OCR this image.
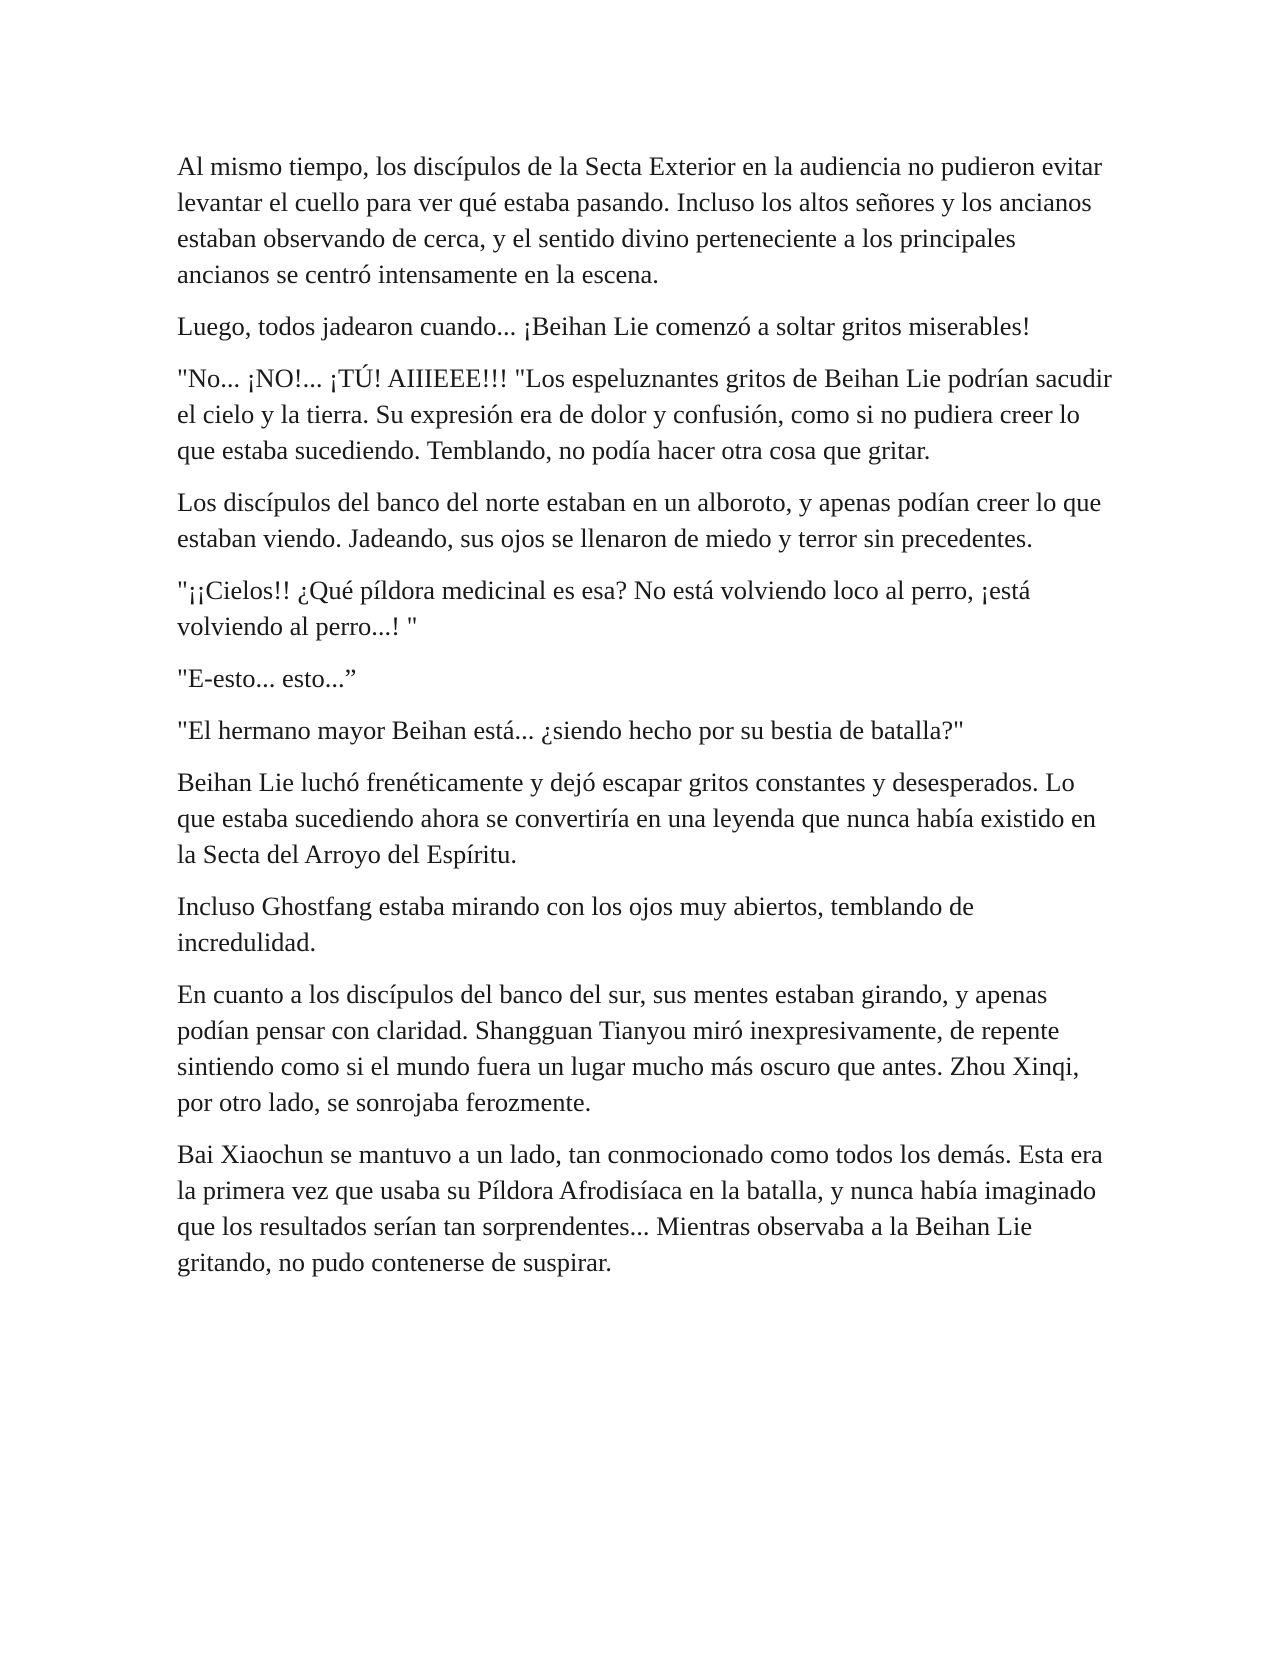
Al mismo tiempo, los discípulos de la Secta Exterior en la audiencia no pudieron evitar levantar el cuello para ver qué estaba pasando. Incluso los altos señores y los ancianos estaban observando de cerca, y el sentido divino perteneciente a los principales ancianos se centró intensamente en la escena.

Luego, todos jadearon cuando... ¡Beihan Lie comenzó a soltar gritos miserables!

"No... ¡NO!... ¡TÚ! AIIIEEE!!! "Los espeluznantes gritos de Beihan Lie podrían sacudir el cielo y la tierra. Su expresión era de dolor y confusión, como si no pudiera creer lo que estaba sucediendo. Temblando, no podía hacer otra cosa que gritar.

Los discípulos del banco del norte estaban en un alboroto, y apenas podían creer lo que estaban viendo. Jadeando, sus ojos se llenaron de miedo y terror sin precedentes.

"¡¡Cielos!! ¿Qué píldora medicinal es esa? No está volviendo loco al perro, ¡está volviendo al perro...! "

"E-esto... esto...”

"El hermano mayor Beihan está... ¿siendo hecho por su bestia de batalla?"

Beihan Lie luchó frenéticamente y dejó escapar gritos constantes y desesperados. Lo que estaba sucediendo ahora se convertiría en una leyenda que nunca había existido en la Secta del Arroyo del Espíritu.

Incluso Ghostfang estaba mirando con los ojos muy abiertos, temblando de incredulidad.

En cuanto a los discípulos del banco del sur, sus mentes estaban girando, y apenas podían pensar con claridad. Shangguan Tianyou miró inexpresivamente, de repente sintiendo como si el mundo fuera un lugar mucho más oscuro que antes. Zhou Xinqi, por otro lado, se sonrojaba ferozmente.

Bai Xiaochun se mantuvo a un lado, tan conmocionado como todos los demás. Esta era la primera vez que usaba su Píldora Afrodisíaca en la batalla, y nunca había imaginado que los resultados serían tan sorprendentes... Mientras observaba a la Beihan Lie gritando, no pudo contenerse de suspirar.
